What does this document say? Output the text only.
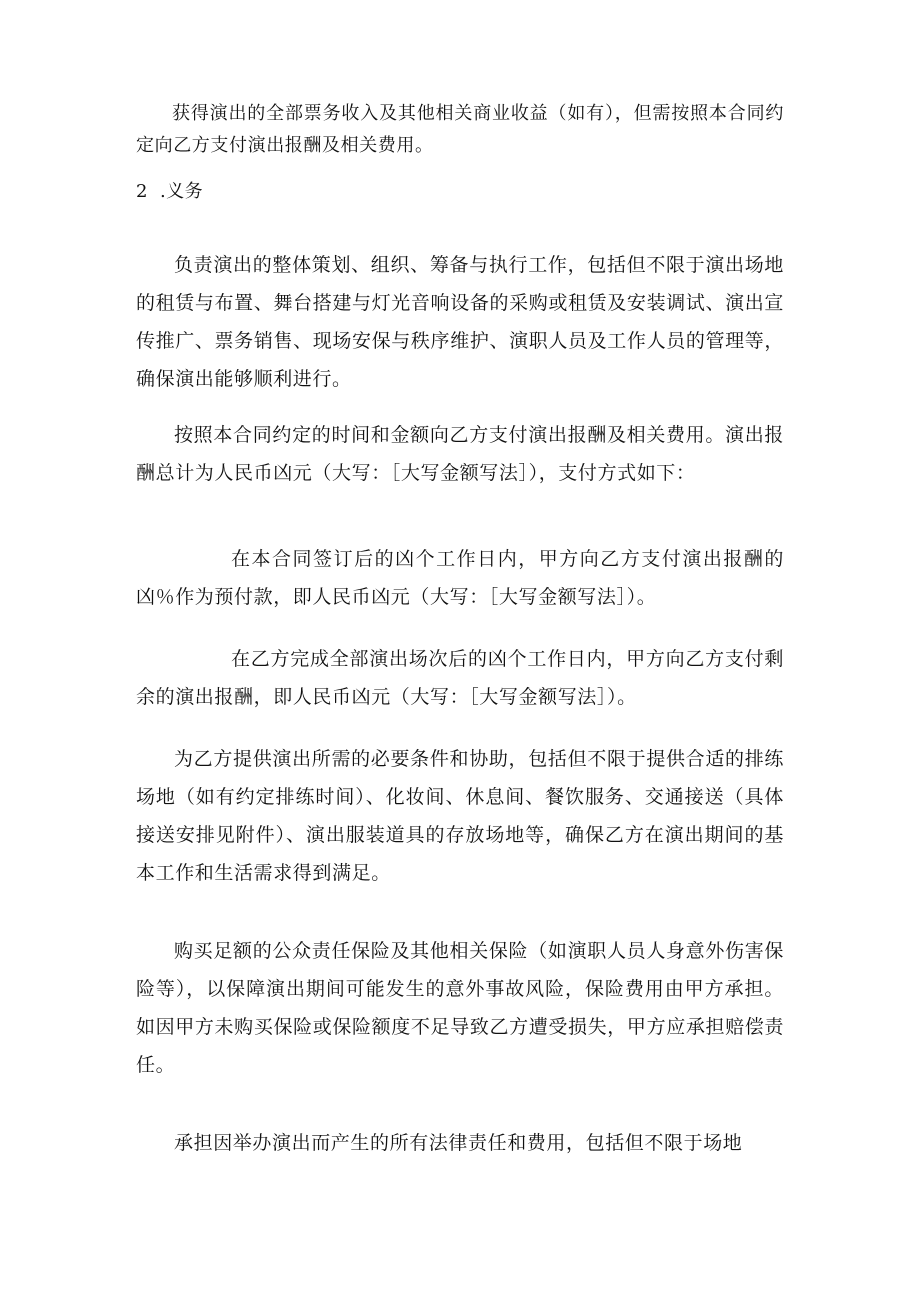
获得演出的全部票务收入及其他相关商业收益（如有），但需按照本合同约定向乙方支付演出报酬及相关费用。

2 .义务

负责演出的整体策划、组织、筹备与执行工作，包括但不限于演出场地的租赁与布置、舞台搭建与灯光音响设备的采购或租赁及安装调试、演出宣传推广、票务销售、现场安保与秩序维护、演职人员及工作人员的管理等，确保演出能够顺利进行。

按照本合同约定的时间和金额向乙方支付演出报酬及相关费用。演出报酬总计为人民币凶元（大写：［大写金额写法］），支付方式如下：

在本合同签订后的凶个工作日内，甲方向乙方支付演出报酬的凶％作为预付款，即人民币凶元（大写：［大写金额写法］）。

在乙方完成全部演出场次后的凶个工作日内，甲方向乙方支付剩余的演出报酬，即人民币凶元（大写：［大写金额写法］）。

为乙方提供演出所需的必要条件和协助，包括但不限于提供合适的排练场地（如有约定排练时间）、化妆间、休息间、餐饮服务、交通接送（具体接送安排见附件）、演出服装道具的存放场地等，确保乙方在演出期间的基本工作和生活需求得到满足。

购买足额的公众责任保险及其他相关保险（如演职人员人身意外伤害保险等），以保障演出期间可能发生的意外事故风险，保险费用由甲方承担。如因甲方未购买保险或保险额度不足导致乙方遭受损失，甲方应承担赔偿责任。

承担因举办演出而产生的所有法律责任和费用，包括但不限于场地
